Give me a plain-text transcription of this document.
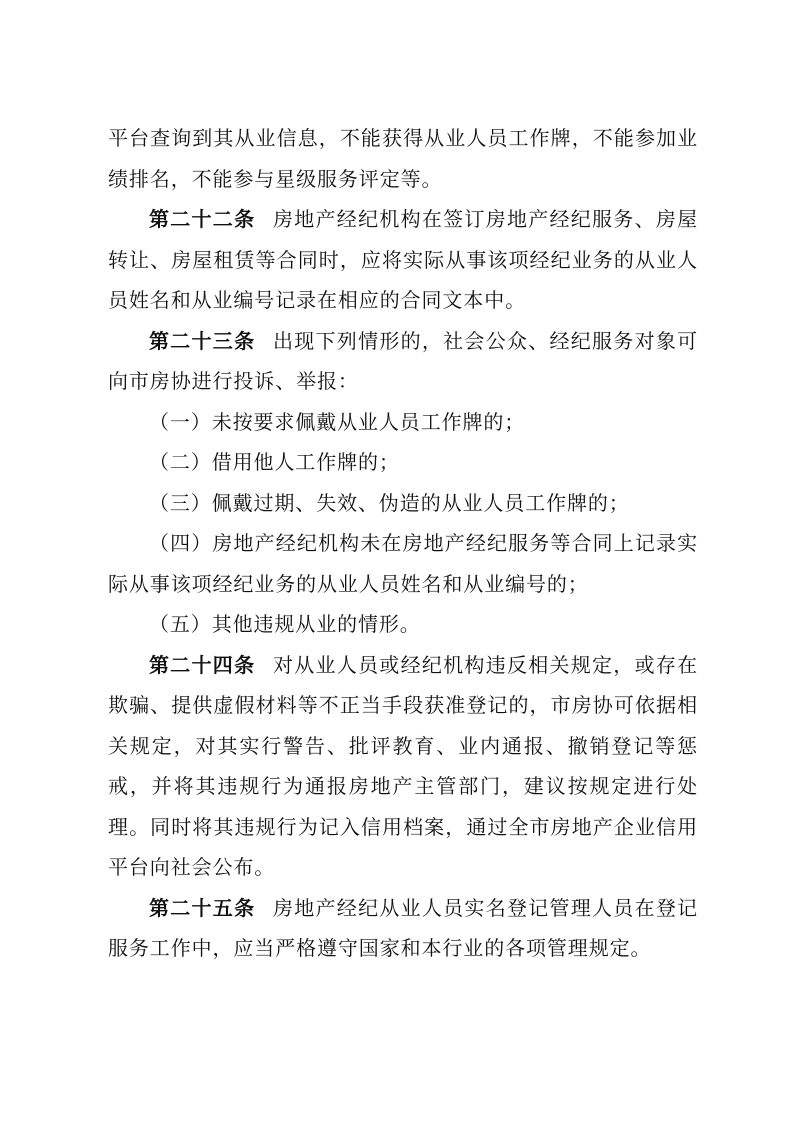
平台查询到其从业信息，不能获得从业人员工作牌，不能参加业绩排名，不能参与星级服务评定等。

第二十二条 房地产经纪机构在签订房地产经纪服务、房屋转让、房屋租赁等合同时，应将实际从事该项经纪业务的从业人员姓名和从业编号记录在相应的合同文本中。

第二十三条 出现下列情形的，社会公众、经纪服务对象可向市房协进行投诉、举报：

（一）未按要求佩戴从业人员工作牌的；

（二）借用他人工作牌的；

（三）佩戴过期、失效、伪造的从业人员工作牌的；

（四）房地产经纪机构未在房地产经纪服务等合同上记录实际从事该项经纪业务的从业人员姓名和从业编号的；

（五）其他违规从业的情形。

第二十四条 对从业人员或经纪机构违反相关规定，或存在欺骗、提供虚假材料等不正当手段获准登记的，市房协可依据相关规定，对其实行警告、批评教育、业内通报、撤销登记等惩戒，并将其违规行为通报房地产主管部门，建议按规定进行处理。同时将其违规行为记入信用档案，通过全市房地产企业信用平台向社会公布。

第二十五条 房地产经纪从业人员实名登记管理人员在登记服务工作中，应当严格遵守国家和本行业的各项管理规定。
